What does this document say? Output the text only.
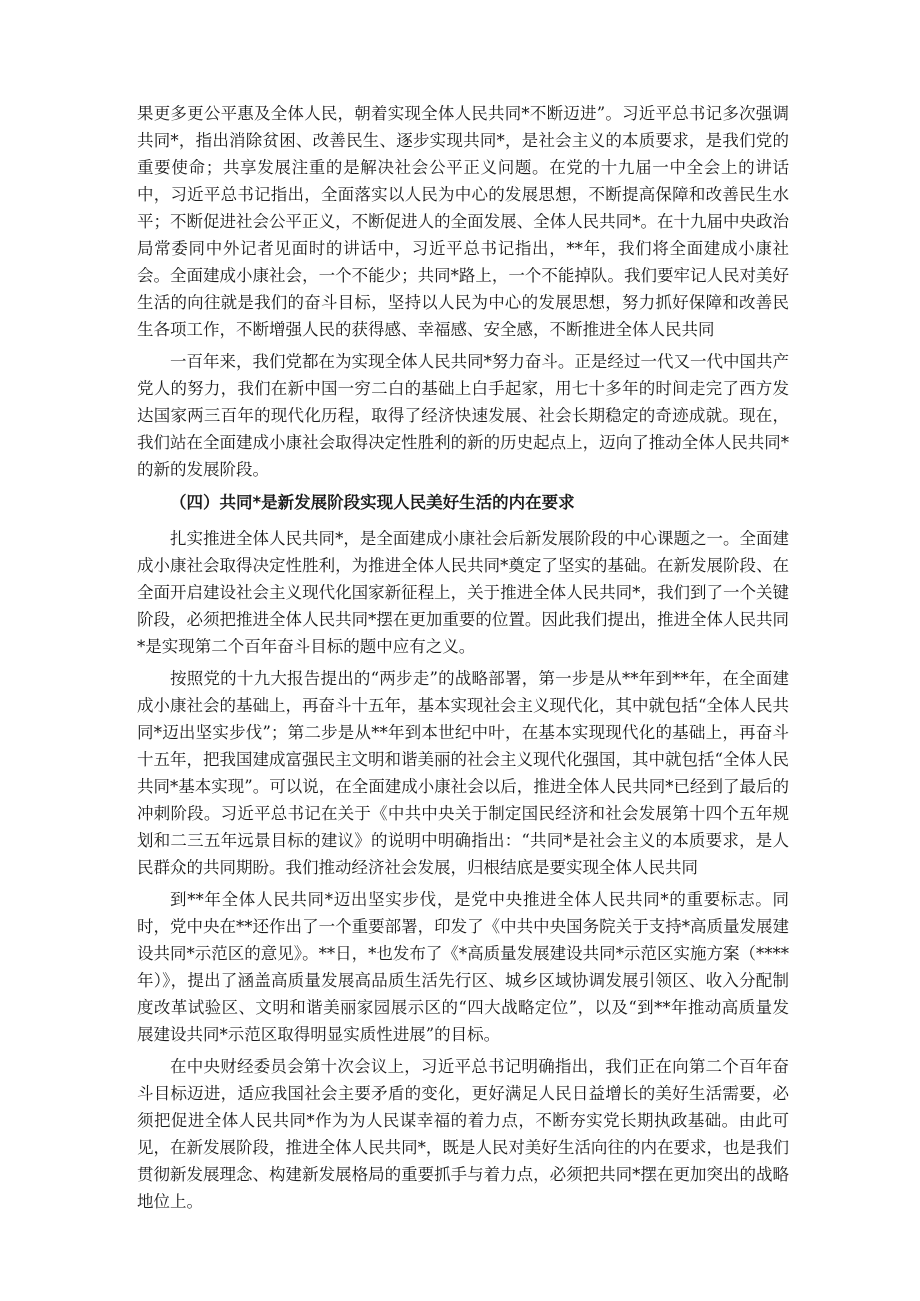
果更多更公平惠及全体人民，朝着实现全体人民共同*不断迈进”。习近平总书记多次强调共同*，指出消除贫困、改善民生、逐步实现共同*，是社会主义的本质要求，是我们党的重要使命；共享发展注重的是解决社会公平正义问题。在党的十九届一中全会上的讲话中，习近平总书记指出，全面落实以人民为中心的发展思想，不断提高保障和改善民生水平；不断促进社会公平正义，不断促进人的全面发展、全体人民共同*。在十九届中央政治局常委同中外记者见面时的讲话中，习近平总书记指出，**年，我们将全面建成小康社会。全面建成小康社会，一个不能少；共同*路上，一个不能掉队。我们要牢记人民对美好生活的向往就是我们的奋斗目标，坚持以人民为中心的发展思想，努力抓好保障和改善民生各项工作，不断增强人民的获得感、幸福感、安全感，不断推进全体人民共同

一百年来，我们党都在为实现全体人民共同*努力奋斗。正是经过一代又一代中国共产党人的努力，我们在新中国一穷二白的基础上白手起家，用七十多年的时间走完了西方发达国家两三百年的现代化历程，取得了经济快速发展、社会长期稳定的奇迹成就。现在，我们站在全面建成小康社会取得决定性胜利的新的历史起点上，迈向了推动全体人民共同*的新的发展阶段。

（四）共同*是新发展阶段实现人民美好生活的内在要求

扎实推进全体人民共同*，是全面建成小康社会后新发展阶段的中心课题之一。全面建成小康社会取得决定性胜利，为推进全体人民共同*奠定了坚实的基础。在新发展阶段、在全面开启建设社会主义现代化国家新征程上，关于推进全体人民共同*，我们到了一个关键阶段，必须把推进全体人民共同*摆在更加重要的位置。因此我们提出，推进全体人民共同*是实现第二个百年奋斗目标的题中应有之义。

按照党的十九大报告提出的“两步走”的战略部署，第一步是从**年到**年，在全面建成小康社会的基础上，再奋斗十五年，基本实现社会主义现代化，其中就包括“全体人民共同*迈出坚实步伐”；第二步是从**年到本世纪中叶，在基本实现现代化的基础上，再奋斗十五年，把我国建成富强民主文明和谐美丽的社会主义现代化强国，其中就包括“全体人民共同*基本实现”。可以说，在全面建成小康社会以后，推进全体人民共同*已经到了最后的冲刺阶段。习近平总书记在关于《中共中央关于制定国民经济和社会发展第十四个五年规划和二三五年远景目标的建议》的说明中明确指出：“共同*是社会主义的本质要求，是人民群众的共同期盼。我们推动经济社会发展，归根结底是要实现全体人民共同

到**年全体人民共同*迈出坚实步伐，是党中央推进全体人民共同*的重要标志。同时，党中央在**还作出了一个重要部署，印发了《中共中央国务院关于支持*高质量发展建设共同*示范区的意见》。**日，*也发布了《*高质量发展建设共同*示范区实施方案（****年）》，提出了涵盖高质量发展高品质生活先行区、城乡区域协调发展引领区、收入分配制度改革试验区、文明和谐美丽家园展示区的“四大战略定位”，以及“到**年推动高质量发展建设共同*示范区取得明显实质性进展”的目标。

在中央财经委员会第十次会议上，习近平总书记明确指出，我们正在向第二个百年奋斗目标迈进，适应我国社会主要矛盾的变化，更好满足人民日益增长的美好生活需要，必须把促进全体人民共同*作为为人民谋幸福的着力点，不断夯实党长期执政基础。由此可见，在新发展阶段，推进全体人民共同*，既是人民对美好生活向往的内在要求，也是我们贯彻新发展理念、构建新发展格局的重要抓手与着力点，必须把共同*摆在更加突出的战略地位上。
